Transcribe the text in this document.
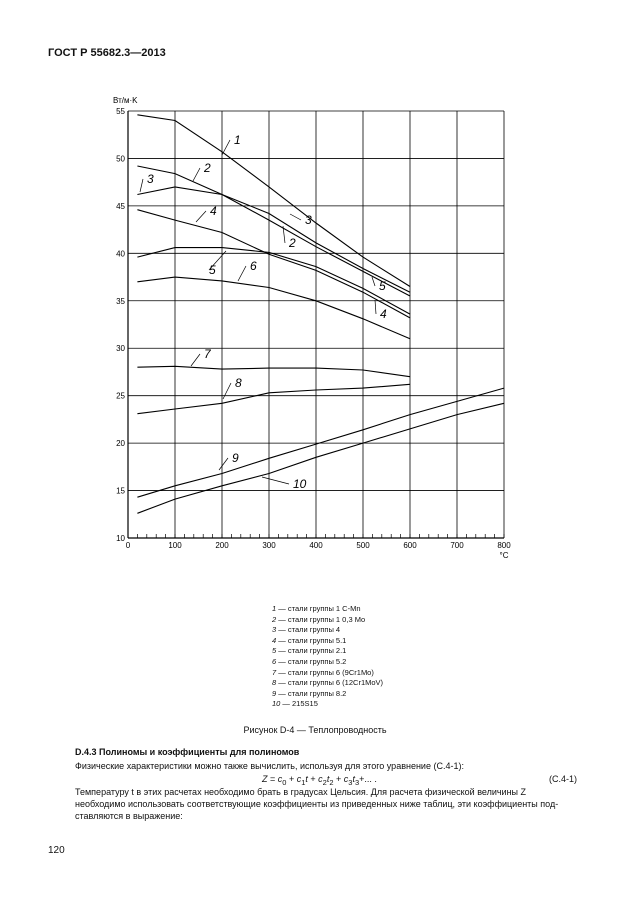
ГОСТ Р 55682.3—2013
0	100	200	300	400	500	600	700	800
10
15
20
25
30
35
40
45
50
55
Вт/м·K
°C
1
2
3
4
5	6
7
8
9
10
3
2
5
4
1 — стали группы 1 C-Mn
2 — стали группы 1 0,3 Mo
3 — стали группы 4
4 — стали группы 5.1
5 — стали группы 2.1
6 — стали группы 5.2
7 — стали группы 6 (9Cr1Mo)
8 — стали группы 6 (12Cr1MoV)
9 — стали группы 8.2
10 — 215S15
Рисунок D-4 — Теплопроводность
D.4.3 Полиномы и коэффициенты для полиномов
Физические характеристики можно также вычислить, используя для этого уравнение (С.4-1):
$Z = c_0 + c_1t + c_2t_2 + c_3t_3+$... .	(C.4-1)
Температуру t в этих расчетах необходимо брать в градусах Цельсия. Для расчета физической величины Z
необходимо использовать соответствующие коэффициенты из приведенных ниже таблиц, эти коэффициенты под-
ставляются в выражение:
120
